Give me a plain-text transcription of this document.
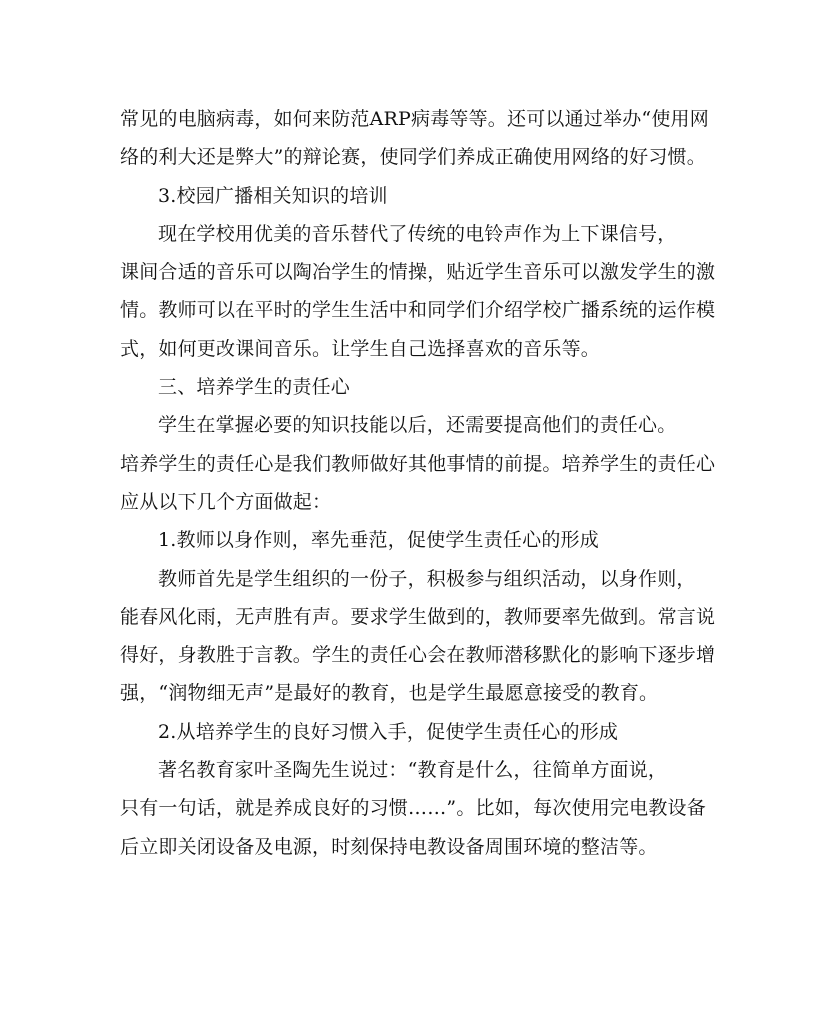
常见的电脑病毒，如何来防范ARP病毒等等。还可以通过举办“使用网
络的利大还是弊大”的辩论赛，使同学们养成正确使用网络的好习惯。

3.校园广播相关知识的培训

现在学校用优美的音乐替代了传统的电铃声作为上下课信号，
课间合适的音乐可以陶冶学生的情操，贴近学生音乐可以激发学生的激
情。教师可以在平时的学生生活中和同学们介绍学校广播系统的运作模
式，如何更改课间音乐。让学生自己选择喜欢的音乐等。

三、培养学生的责任心

学生在掌握必要的知识技能以后，还需要提高他们的责任心。
培养学生的责任心是我们教师做好其他事情的前提。培养学生的责任心
应从以下几个方面做起：

1.教师以身作则，率先垂范，促使学生责任心的形成

教师首先是学生组织的一份子，积极参与组织活动，以身作则，
能春风化雨，无声胜有声。要求学生做到的，教师要率先做到。常言说
得好，身教胜于言教。学生的责任心会在教师潜移默化的影响下逐步增
强，“润物细无声”是最好的教育，也是学生最愿意接受的教育。

2.从培养学生的良好习惯入手，促使学生责任心的形成

著名教育家叶圣陶先生说过：“教育是什么，往简单方面说，
只有一句话，就是养成良好的习惯……”。比如，每次使用完电教设备
后立即关闭设备及电源，时刻保持电教设备周围环境的整洁等。
